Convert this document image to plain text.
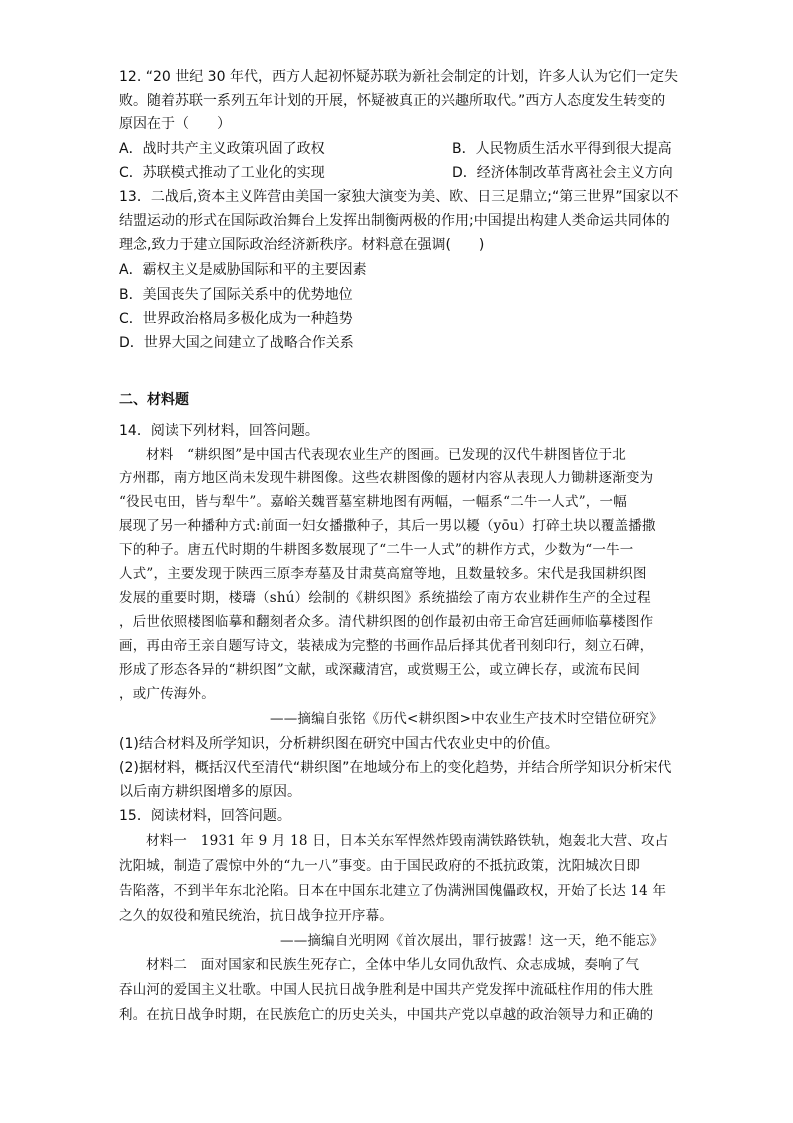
12. “20 世纪 30 年代，西方人起初怀疑苏联为新社会制定的计划，许多人认为它们一定失
败。随着苏联一系列五年计划的开展，怀疑被真正的兴趣所取代。”西方人态度发生转变的
原因在于（　　）
A．战时共产主义政策巩固了政权	B．人民物质生活水平得到很大提高
C．苏联模式推动了工业化的实现	D．经济体制改革背离社会主义方向
13．二战后,资本主义阵营由美国一家独大演变为美、欧、日三足鼎立;“第三世界”国家以不
结盟运动的形式在国际政治舞台上发挥出制衡两极的作用;中国提出构建人类命运共同体的
理念,致力于建立国际政治经济新秩序。材料意在强调(　　)
A．霸权主义是威胁国际和平的主要因素
B．美国丧失了国际关系中的优势地位
C．世界政治格局多极化成为一种趋势
D．世界大国之间建立了战略合作关系
二、材料题
14．阅读下列材料，回答问题。
材料　“耕织图”是中国古代表现农业生产的图画。已发现的汉代牛耕图皆位于北
方州郡，南方地区尚未发现牛耕图像。这些农耕图像的题材内容从表现人力锄耕逐渐变为
“役民屯田，皆与犁牛”。嘉峪关魏晋墓室耕地图有两幅，一幅系“二牛一人式”，一幅
展现了另一种播种方式:前面一妇女播撒种子，其后一男以耰（yōu）打碎土块以覆盖播撒
下的种子。唐五代时期的牛耕图多数展现了“二牛一人式”的耕作方式，少数为“一牛一
人式”，主要发现于陕西三原李寿墓及甘肃莫高窟等地，且数量较多。宋代是我国耕织图
发展的重要时期，楼璹（shú）绘制的《耕织图》系统描绘了南方农业耕作生产的全过程
，后世依照楼图临摹和翻刻者众多。清代耕织图的创作最初由帝王命宫廷画师临摹楼图作
画，再由帝王亲自题写诗文，装裱成为完整的书画作品后择其优者刊刻印行，刻立石碑，
形成了形态各异的“耕织图”文献，或深藏清宫，或赏赐王公，或立碑长存，或流布民间
，或广传海外。
——摘编自张铭《历代<耕织图>中农业生产技术时空错位研究》
(1)结合材料及所学知识，分析耕织图在研究中国古代农业史中的价值。
(2)据材料，概括汉代至清代“耕织图”在地域分布上的变化趋势，并结合所学知识分析宋代
以后南方耕织图增多的原因。
15．阅读材料，回答问题。
材料一　1931 年 9 月 18 日，日本关东军悍然炸毁南满铁路铁轨，炮轰北大营、攻占
沈阳城，制造了震惊中外的“九一八”事变。由于国民政府的不抵抗政策，沈阳城次日即
告陷落，不到半年东北沦陷。日本在中国东北建立了伪满洲国傀儡政权，开始了长达 14 年
之久的奴役和殖民统治，抗日战争拉开序幕。
——摘编自光明网《首次展出，罪行披露！这一天，绝不能忘》
材料二　面对国家和民族生死存亡，全体中华儿女同仇敌忾、众志成城，奏响了气
吞山河的爱国主义壮歌。中国人民抗日战争胜利是中国共产党发挥中流砥柱作用的伟大胜
利。在抗日战争时期，在民族危亡的历史关头，中国共产党以卓越的政治领导力和正确的
